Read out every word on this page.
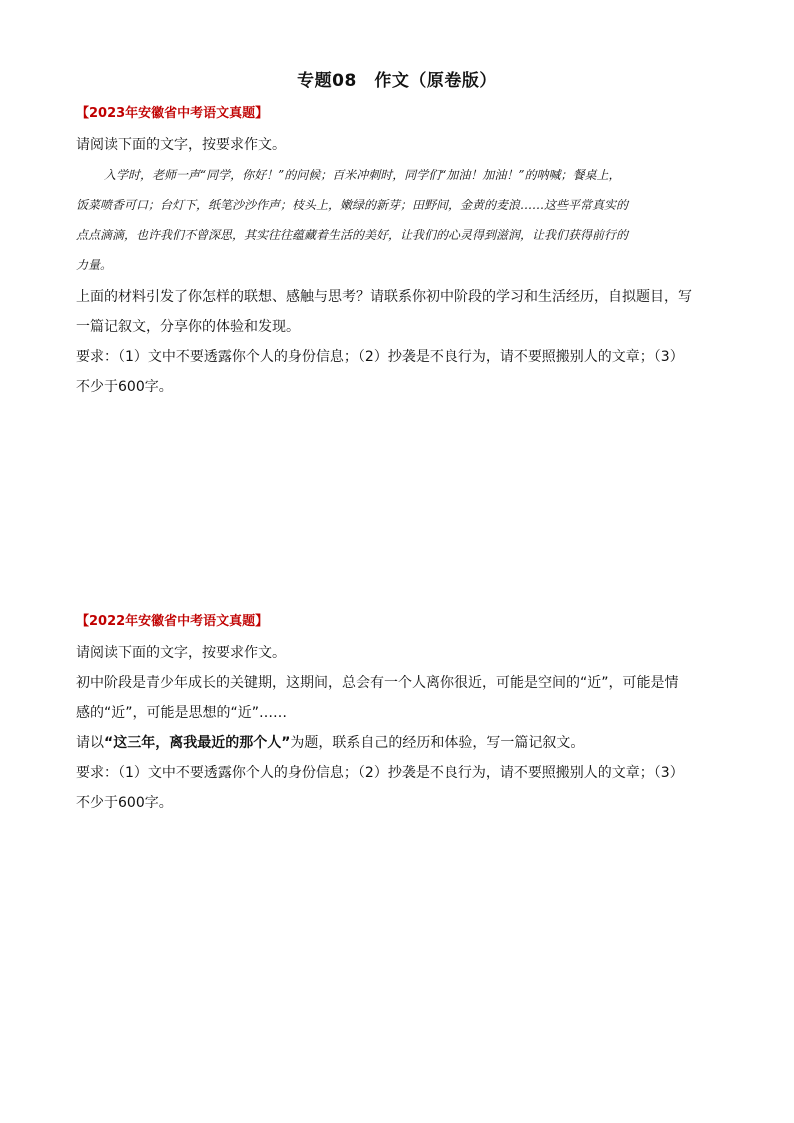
专题08　作文（原卷版）
【2023年安徽省中考语文真题】
请阅读下面的文字，按要求作文。
入学时，老师一声“同学，你好！”的问候；百米冲刺时，同学们“加油！加油！”的呐喊；餐桌上，
饭菜喷香可口；台灯下，纸笔沙沙作声；枝头上，嫩绿的新芽；田野间，金黄的麦浪……这些平常真实的
点点滴滴，也许我们不曾深思，其实往往蕴藏着生活的美好，让我们的心灵得到滋润，让我们获得前行的
力量。
上面的材料引发了你怎样的联想、感触与思考？请联系你初中阶段的学习和生活经历，自拟题目，写
一篇记叙文，分享你的体验和发现。
要求：（1）文中不要透露你个人的身份信息；（2）抄袭是不良行为，请不要照搬别人的文章；（3）
不少于600字。
【2022年安徽省中考语文真题】
请阅读下面的文字，按要求作文。
初中阶段是青少年成长的关键期，这期间，总会有一个人离你很近，可能是空间的“近”，可能是情
感的“近”，可能是思想的“近”……
请以“这三年，离我最近的那个人”为题，联系自己的经历和体验，写一篇记叙文。
要求：（1）文中不要透露你个人的身份信息；（2）抄袭是不良行为，请不要照搬别人的文章；（3）
不少于600字。
